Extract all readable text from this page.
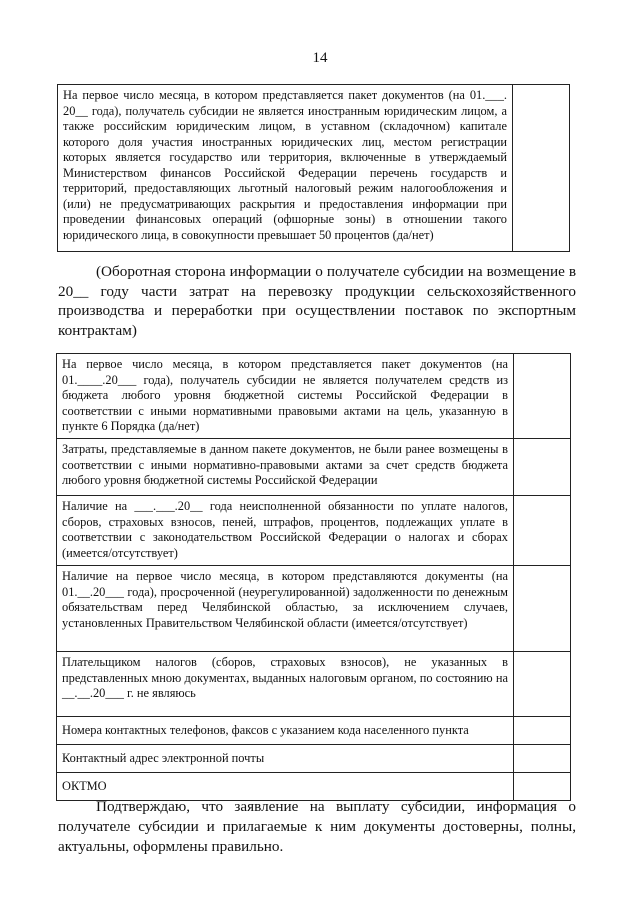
14
На первое число месяца, в котором представляется пакет документов (на 01.___. 20__ года), получатель субсидии не является иностранным юридическим лицом, а также российским юридическим лицом, в уставном (складочном) капитале которого доля участия иностранных юридических лиц, местом регистрации которых является государство или территория, включенные в утверждаемый Министерством финансов Российской Федерации перечень государств и территорий, предоставляющих льготный налоговый режим налогообложения и (или) не предусматривающих раскрытия и предоставления информации при проведении финансовых операций (офшорные зоны) в отношении такого юридического лица, в совокупности превышает 50 процентов (да/нет)	
(Оборотная сторона информации о получателе субсидии на возмещение в 20__ году части затрат на перевозку продукции сельскохозяйственного производства и переработки при осуществлении поставок по экспортным контрактам)
На первое число месяца, в котором представляется пакет документов (на 01.____.20___ года), получатель субсидии не является получателем средств из бюджета любого уровня бюджетной системы Российской Федерации в соответствии с иными нормативными правовыми актами на цель, указанную в пункте 6 Порядка (да/нет)	
Затраты, представляемые в данном пакете документов, не были ранее возмещены в соответствии с иными нормативно-правовыми актами за счет средств бюджета любого уровня бюджетной системы Российской Федерации	
Наличие на ___.___.20__ года неисполненной обязанности по уплате налогов, сборов, страховых взносов, пеней, штрафов, процентов, подлежащих уплате в соответствии с законодательством Российской Федерации о налогах и сборах (имеется/отсутствует)	
Наличие на первое число месяца, в котором представляются документы (на 01.__.20___ года), просроченной (неурегулированной) задолженности по денежным обязательствам перед Челябинской областью, за исключением случаев, установленных Правительством Челябинской области (имеется/отсутствует)	
Плательщиком налогов (сборов, страховых взносов), не указанных в представленных мною документах, выданных налоговым органом, по состоянию на __.__.20___ г. не являюсь	
Номера контактных телефонов, факсов с указанием кода населенного пункта	
Контактный адрес электронной почты	
ОКТМО	
Подтверждаю, что заявление на выплату субсидии, информация о получателе субсидии и прилагаемые к ним документы достоверны, полны, актуальны, оформлены правильно.
